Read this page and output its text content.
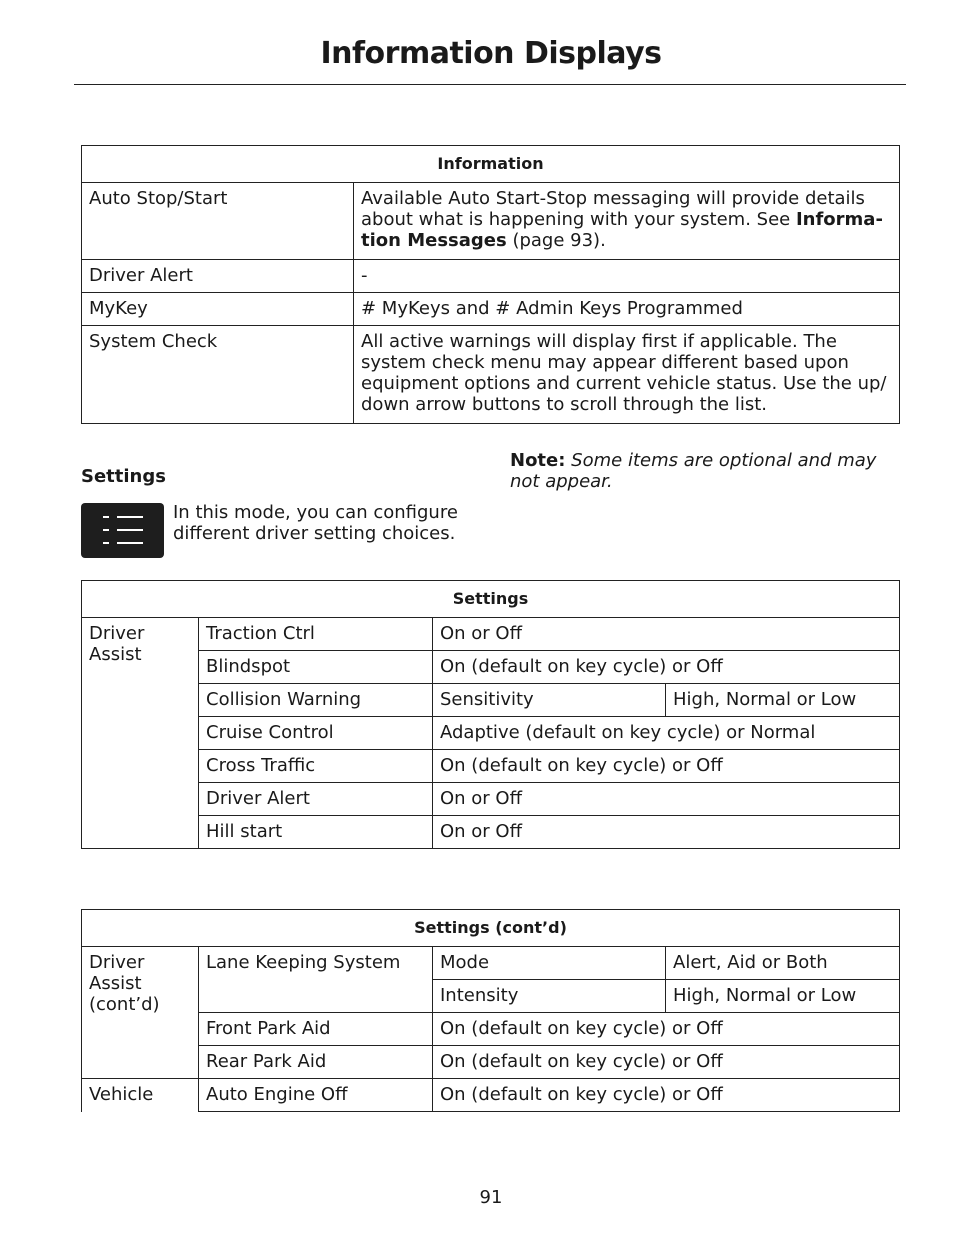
Information Displays
Information	
Auto Stop/Start	Available Auto Start-Stop messaging will provide details about what is happening with your system. See Informa-tion Messages (page 93).
Driver Alert	-
MyKey	# MyKeys and # Admin Keys Programmed
System Check	All active warnings will display first if applicable. The system check menu may appear different based upon equipment options and current vehicle status. Use the up/ down arrow buttons to scroll through the list.
Settings
In this mode, you can configure different driver setting choices.
Note: Some items are optional and may not appear.
Settings			
Driver Assist	Traction Ctrl	On or Off	
	Blindspot	On (default on key cycle) or Off	
	Collision Warning	Sensitivity	High, Normal or Low
	Cruise Control	Adaptive (default on key cycle) or Normal	
	Cross Traffic	On (default on key cycle) or Off	
	Driver Alert	On or Off	
	Hill start	On or Off	
Settings (cont’d)			
Driver Assist (cont’d)	Lane Keeping System	Mode	Alert, Aid or Both
		Intensity	High, Normal or Low
	Front Park Aid	On (default on key cycle) or Off	
	Rear Park Aid	On (default on key cycle) or Off	
Vehicle	Auto Engine Off	On (default on key cycle) or Off	
91
